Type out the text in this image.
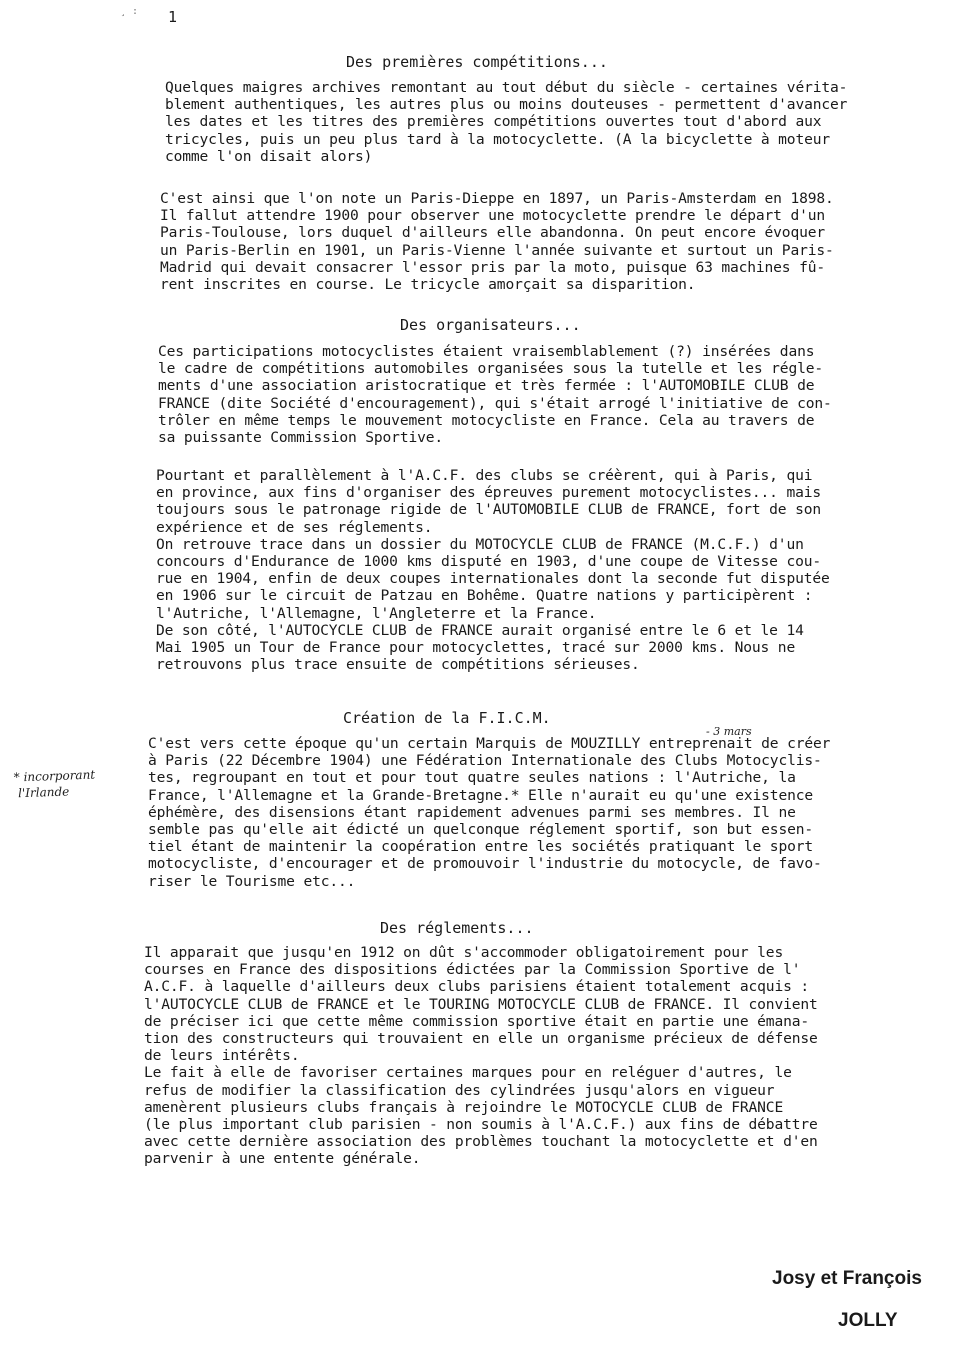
¸ : 1
Des premières compétitions...
Quelques maigres archives remontant au tout début du siècle - certaines vérita-
blement authentiques, les autres plus ou moins douteuses - permettent d'avancer
les dates et les titres des premières compétitions ouvertes tout d'abord aux
tricycles, puis un peu plus tard à la motocyclette. (A la bicyclette à moteur
comme l'on disait alors)
C'est ainsi que l'on note un Paris-Dieppe en 1897, un Paris-Amsterdam en 1898.
Il fallut attendre 1900 pour observer une motocyclette prendre le départ d'un
Paris-Toulouse, lors duquel d'ailleurs elle abandonna. On peut encore évoquer
un Paris-Berlin en 1901, un Paris-Vienne l'année suivante et surtout un Paris-
Madrid qui devait consacrer l'essor pris par la moto, puisque 63 machines fû-
rent inscrites en course. Le tricycle amorçait sa disparition.
Des organisateurs...
Ces participations motocyclistes étaient vraisemblablement (?) insérées dans
le cadre de compétitions automobiles organisées sous la tutelle et les régle-
ments d'une association aristocratique et très fermée : l'AUTOMOBILE CLUB de
FRANCE (dite Société d'encouragement), qui s'était arrogé l'initiative de con-
trôler en même temps le mouvement motocycliste en France. Cela au travers de
sa puissante Commission Sportive.
Pourtant et parallèlement à l'A.C.F. des clubs se créèrent, qui à Paris, qui
en province, aux fins d'organiser des épreuves purement motocyclistes... mais
toujours sous le patronage rigide de l'AUTOMOBILE CLUB de FRANCE, fort de son
expérience et de ses réglements.
On retrouve trace dans un dossier du MOTOCYCLE CLUB de FRANCE (M.C.F.) d'un
concours d'Endurance de 1000 kms disputé en 1903, d'une coupe de Vitesse cou-
rue en 1904, enfin de deux coupes internationales dont la seconde fut disputée
en 1906 sur le circuit de Patzau en Bohême. Quatre nations y participèrent :
l'Autriche, l'Allemagne, l'Angleterre et la France.
De son côté, l'AUTOCYCLE CLUB de FRANCE aurait organisé entre le 6 et le 14
Mai 1905 un Tour de France pour motocyclettes, tracé sur 2000 kms. Nous ne
retrouvons plus trace ensuite de compétitions sérieuses.
Création de la F.I.C.M.
- 3 mars
C'est vers cette époque qu'un certain Marquis de MOUZILLY entreprenait de créer
à Paris (22 Décembre 1904) une Fédération Internationale des Clubs Motocyclis-
tes, regroupant en tout et pour tout quatre seules nations : l'Autriche, la
France, l'Allemagne et la Grande-Bretagne.* Elle n'aurait eu qu'une existence
éphémère, des disensions étant rapidement advenues parmi ses membres. Il ne
semble pas qu'elle ait édicté un quelconque réglement sportif, son but essen-
tiel étant de maintenir la coopération entre les sociétés pratiquant le sport
motocycliste, d'encourager et de promouvoir l'industrie du motocycle, de favo-
riser le Tourisme etc...
* incorporant
l'Irlande
Des réglements...
Il apparait que jusqu'en 1912 on dût s'accommoder obligatoirement pour les
courses en France des dispositions édictées par la Commission Sportive de l'
A.C.F. à laquelle d'ailleurs deux clubs parisiens étaient totalement acquis :
l'AUTOCYCLE CLUB de FRANCE et le TOURING MOTOCYCLE CLUB de FRANCE. Il convient
de préciser ici que cette même commission sportive était en partie une émana-
tion des constructeurs qui trouvaient en elle un organisme précieux de défense
de leurs intérêts.
Le fait à elle de favoriser certaines marques pour en reléguer d'autres, le
refus de modifier la classification des cylindrées jusqu'alors en vigueur
amenèrent plusieurs clubs français à rejoindre le MOTOCYCLE CLUB de FRANCE
(le plus important club parisien - non soumis à l'A.C.F.) aux fins de débattre
avec cette dernière association des problèmes touchant la motocyclette et d'en
parvenir à une entente générale.
Josy et François
JOLLY
